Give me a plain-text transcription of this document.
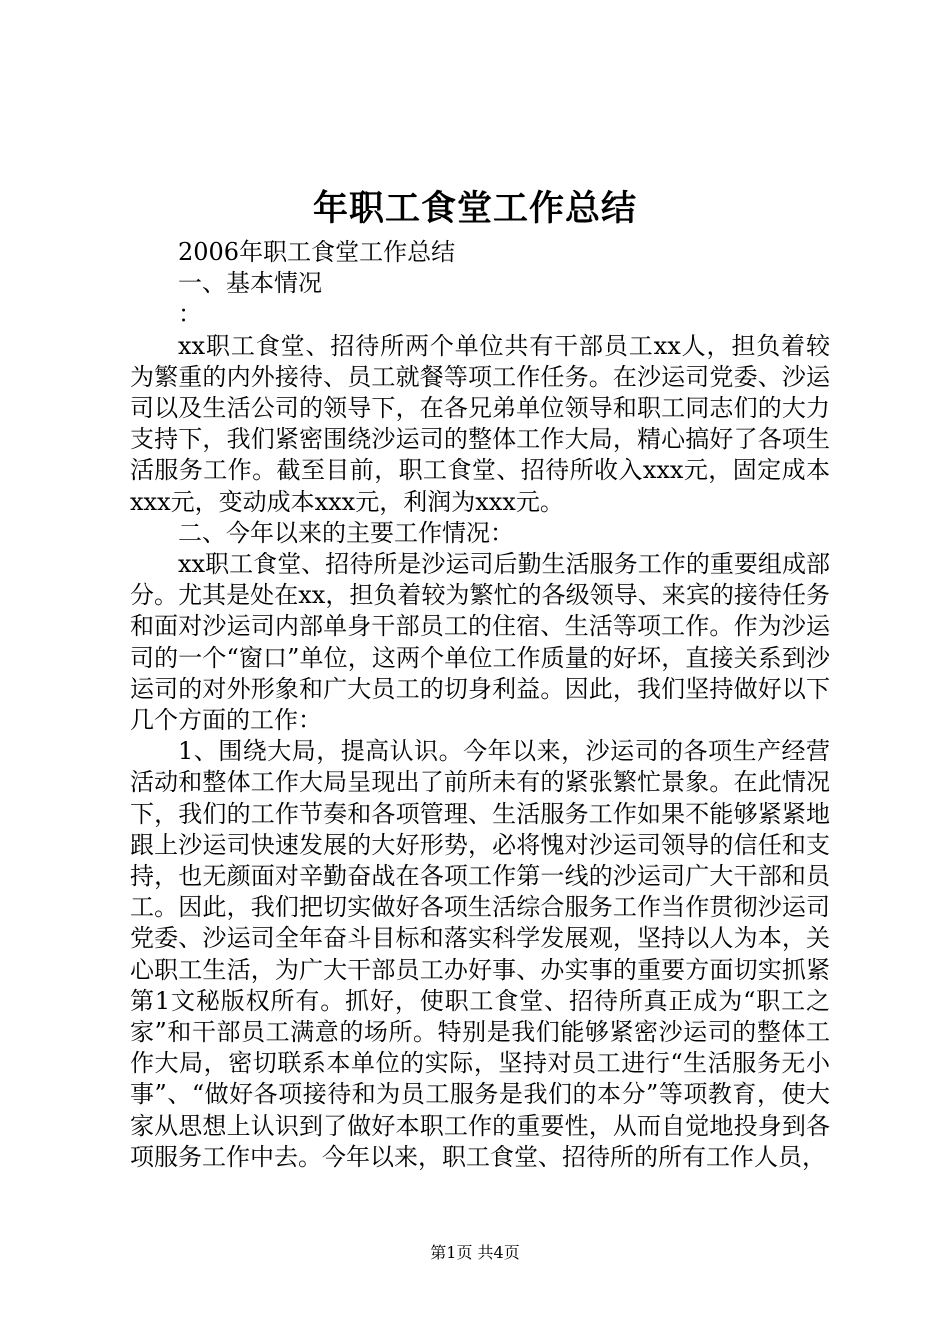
年职工食堂工作总结

2006年职工食堂工作总结

一、基本情况

：

xx职工食堂、招待所两个单位共有干部员工xx人，担负着较为繁重的内外接待、员工就餐等项工作任务。在沙运司党委、沙运司以及生活公司的领导下，在各兄弟单位领导和职工同志们的大力支持下，我们紧密围绕沙运司的整体工作大局，精心搞好了各项生活服务工作。截至目前，职工食堂、招待所收入xxx元，固定成本xxx元，变动成本xxx元，利润为xxx元。

二、今年以来的主要工作情况：

xx职工食堂、招待所是沙运司后勤生活服务工作的重要组成部分。尤其是处在xx，担负着较为繁忙的各级领导、来宾的接待任务和面对沙运司内部单身干部员工的住宿、生活等项工作。作为沙运司的一个“窗口”单位，这两个单位工作质量的好坏，直接关系到沙运司的对外形象和广大员工的切身利益。因此，我们坚持做好以下几个方面的工作：

1、围绕大局，提高认识。今年以来，沙运司的各项生产经营活动和整体工作大局呈现出了前所未有的紧张繁忙景象。在此情况下，我们的工作节奏和各项管理、生活服务工作如果不能够紧紧地跟上沙运司快速发展的大好形势，必将愧对沙运司领导的信任和支持，也无颜面对辛勤奋战在各项工作第一线的沙运司广大干部和员工。因此，我们把切实做好各项生活综合服务工作当作贯彻沙运司党委、沙运司全年奋斗目标和落实科学发展观，坚持以人为本，关心职工生活，为广大干部员工办好事、办实事的重要方面切实抓紧第1文秘版权所有。抓好，使职工食堂、招待所真正成为“职工之家”和干部员工满意的场所。特别是我们能够紧密沙运司的整体工作大局，密切联系本单位的实际，坚持对员工进行“生活服务无小事”、“做好各项接待和为员工服务是我们的本分”等项教育，使大家从思想上认识到了做好本职工作的重要性，从而自觉地投身到各项服务工作中去。今年以来，职工食堂、招待所的所有工作人员，

第1页 共4页
